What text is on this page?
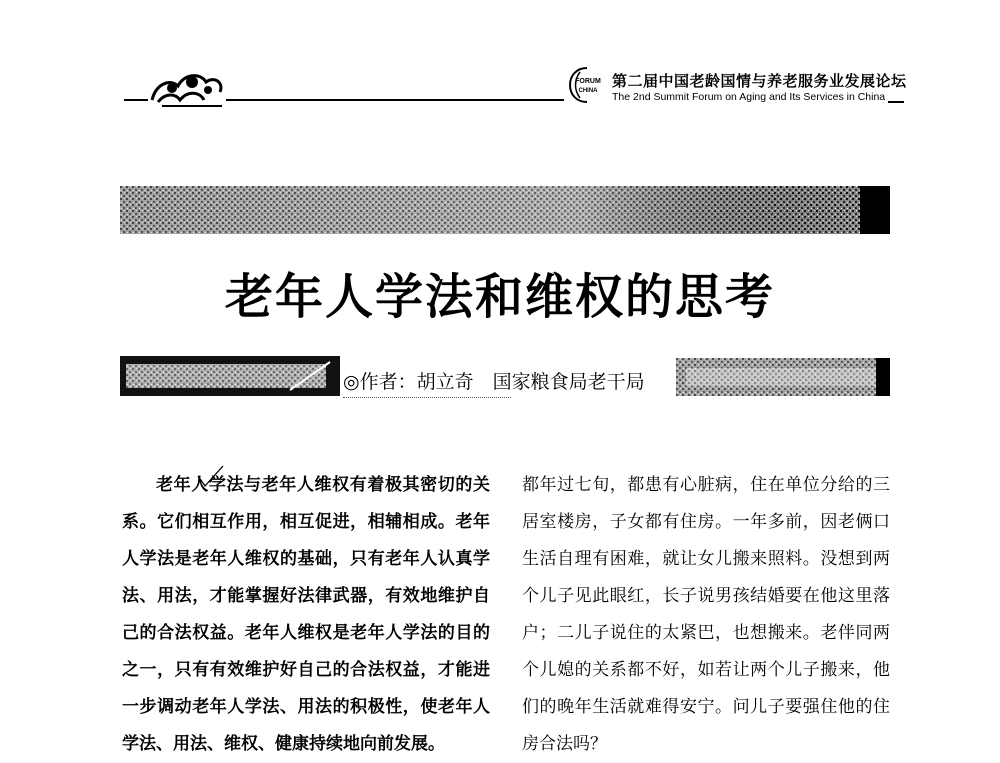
FORUM
CHINA
第二届中国老龄国情与养老服务业发展论坛
The 2nd Summit Forum on Aging and Its Services in China
老年人学法和维权的思考
◎作者：胡立奇　国家粮食局老干局

老年人学法与老年人维权有着极其密切的关系。它们相互作用，相互促进，相辅相成。老年人学法是老年人维权的基础，只有老年人认真学法、用法，才能掌握好法律武器，有效地维护自己的合法权益。老年人维权是老年人学法的目的之一，只有有效维护好自己的合法权益，才能进一步调动老年人学法、用法的积极性，使老年人学法、用法、维权、健康持续地向前发展。

都年过七旬，都患有心脏病，住在单位分给的三居室楼房，子女都有住房。一年多前，因老俩口生活自理有困难，就让女儿搬来照料。没想到两个儿子见此眼红，长子说男孩结婚要在他这里落户；二儿子说住的太紧巴，也想搬来。老伴同两个儿媳的关系都不好，如若让两个儿子搬来，他们的晚年生活就难得安宁。问儿子要强住他的住房合法吗？
